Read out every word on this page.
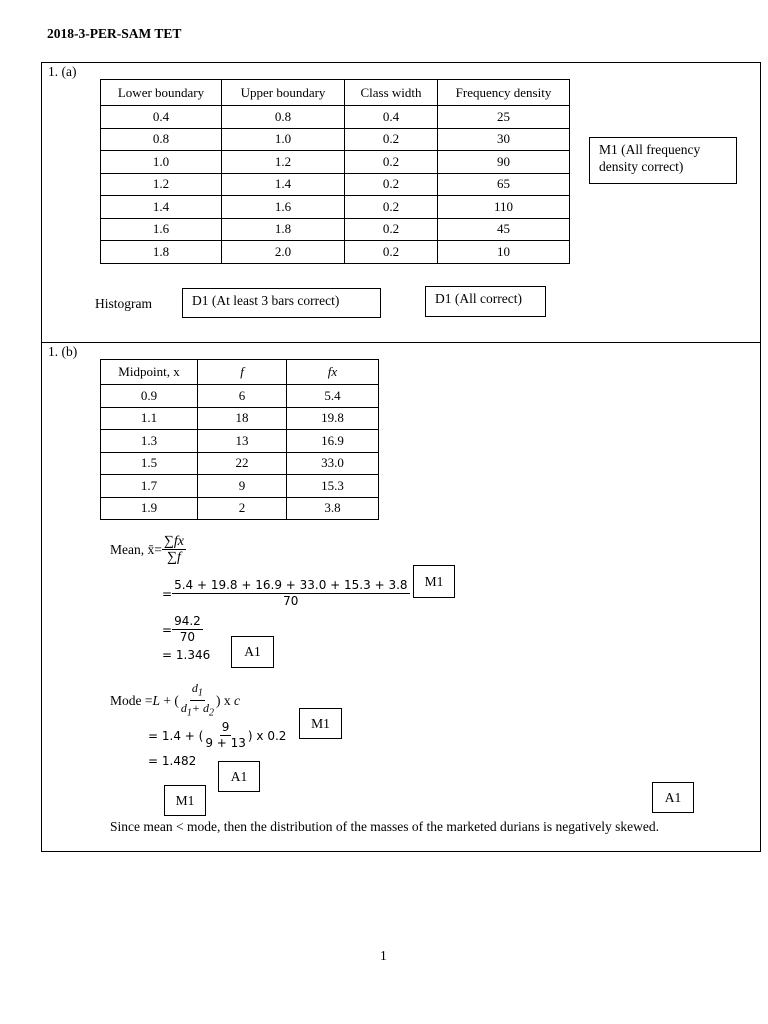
2018-3-PER-SAM TET
1. (a)
Lower boundary	Upper boundary	Class width	Frequency density
0.4	0.8	0.4	25
0.8	1.0	0.2	30
1.0	1.2	0.2	90
1.2	1.4	0.2	65
1.4	1.6	0.2	110
1.6	1.8	0.2	45
1.8	2.0	0.2	10
M1 (All frequency density correct)
Histogram	D1 (At least 3 bars correct)	D1 (All correct)
1. (b)
Midpoint, x	f	fx
0.9	6	5.4
1.1	18	19.8
1.3	13	16.9
1.5	22	33.0
1.7	9	15.3
1.9	2	3.8
Mean, x̄= $\frac{\sum fx}{\sum f}$
= $\frac{5.4 + 19.8 + 16.9 + 33.0 + 15.3 + 3.8}{70}$
= $\frac{94.2}{70}$
= 1.346
M1
A1
Mode = L + ( $\frac{d_1}{d_1+ d_2}$ ) x c
= 1.4 + ( $\frac{9}{9 + 13}$ ) x 0.2
= 1.482
M1
A1
M1	A1
Since mean < mode, then the distribution of the masses of the marketed durians is negatively skewed.
1
